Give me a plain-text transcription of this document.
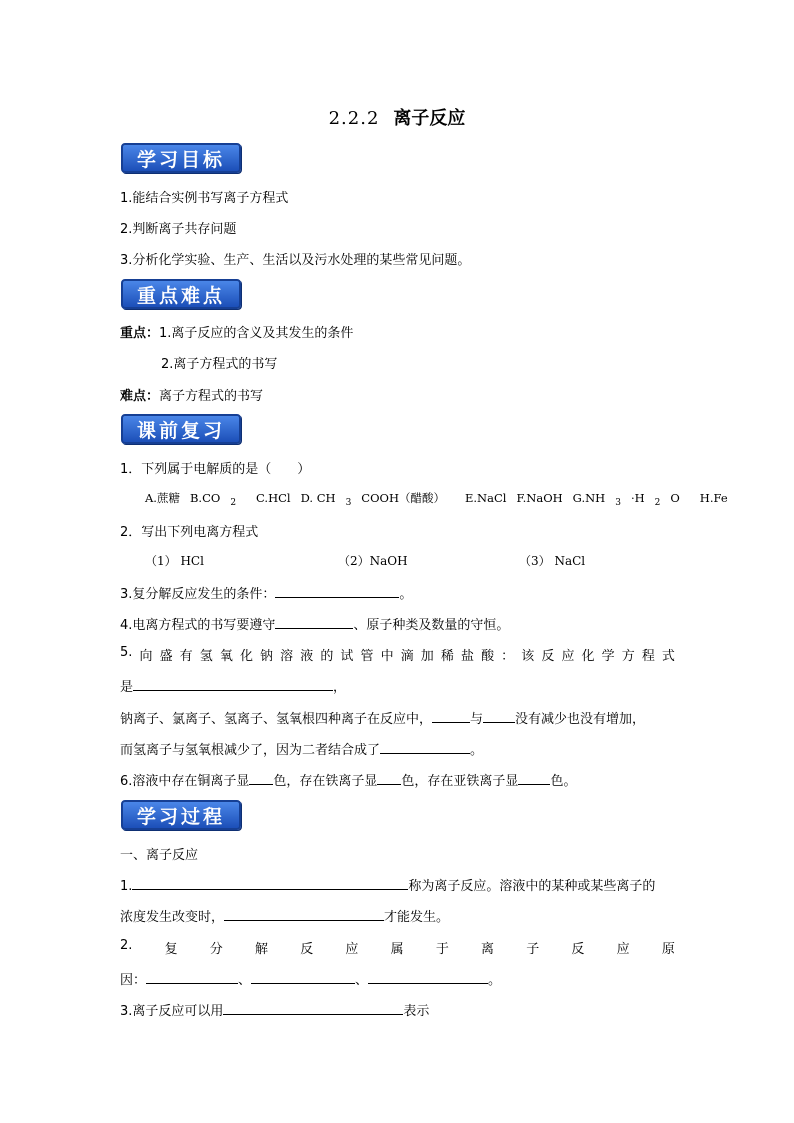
2.2.2 离子反应
学习目标
1.能结合实例书写离子方程式
2.判断离子共存问题
3.分析化学实验、生产、生活以及污水处理的某些常见问题。
重点难点
重点：1.离子反应的含义及其发生的条件
2.离子方程式的书写
难点：离子方程式的书写
课前复习
1．下列属于电解质的是（　　）
A.蔗糖 B.CO $_2$ C.HCl D. CH $_3$ COOH（醋酸） E.NaCl F.NaOH G.NH $_3$ ·H $_2$ O H.Fe
2．写出下列电离方程式
（1） HCl	（2）NaOH	（3） NaCl
3.复分解反应发生的条件：	。
4.电离方程式的书写要遵守	、原子种类及数量的守恒。
5. 向 盛 有 氢 氧 化 钠 溶 液 的 试 管 中 滴 加 稀 盐 酸 ： 该 反 应 化 学 方 程 式
是	，
钠离子、氯离子、氢离子、氢氧根四种离子在反应中，	与 没有减少也没有增加，
而氢离子与氢氧根减少了，因为二者结合成了	。
6.溶液中存在铜离子显 色，存在铁离子显 色，存在亚铁离子显 色。
学习过程
一、离子反应
1.	称为离子反应。溶液中的某种或某些离子的
浓度发生改变时，	才能发生。
2. 复 分 解 反 应 属 于 离 子 反 应 原
因：	、	、	。
3.离子反应可以用	表示
